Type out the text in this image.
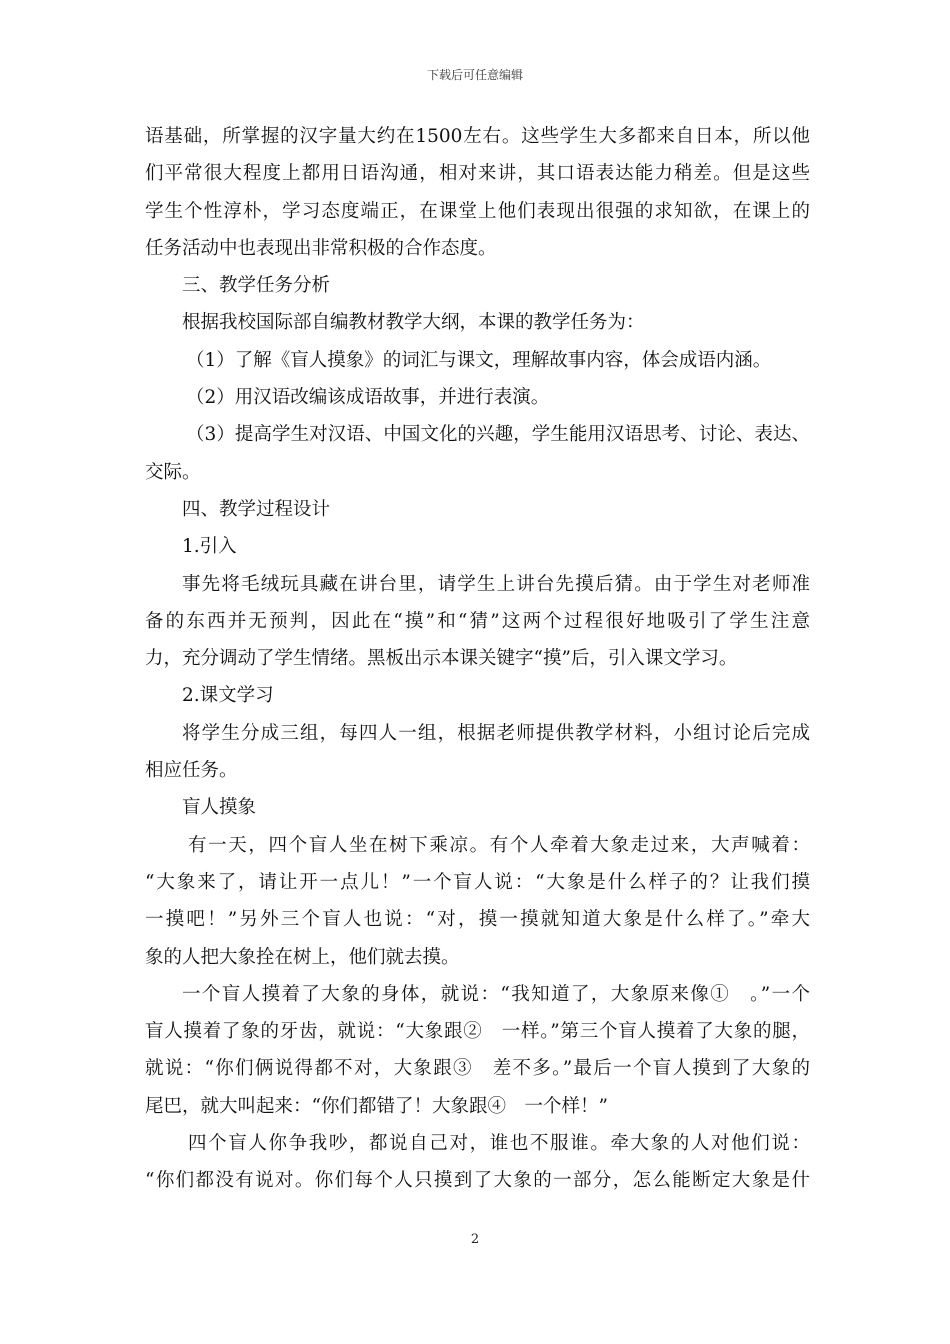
下载后可任意编辑
语基础，所掌握的汉字量大约在1500左右。这些学生大多都来自日本，所以他
们平常很大程度上都用日语沟通，相对来讲，其口语表达能力稍差。但是这些
学生个性淳朴，学习态度端正，在课堂上他们表现出很强的求知欲，在课上的
任务活动中也表现出非常积极的合作态度。
三、教学任务分析
根据我校国际部自编教材教学大纲，本课的教学任务为：
（1）了解《盲人摸象》的词汇与课文，理解故事内容，体会成语内涵。
（2）用汉语改编该成语故事，并进行表演。
（3）提高学生对汉语、中国文化的兴趣，学生能用汉语思考、讨论、表达、
交际。
四、教学过程设计
1.引入
事先将毛绒玩具藏在讲台里，请学生上讲台先摸后猜。由于学生对老师准
备的东西并无预判，因此在“摸”和“猜”这两个过程很好地吸引了学生注意
力，充分调动了学生情绪。黑板出示本课关键字“摸”后，引入课文学习。
2.课文学习
将学生分成三组，每四人一组，根据老师提供教学材料，小组讨论后完成
相应任务。
盲人摸象
有一天，四个盲人坐在树下乘凉。有个人牵着大象走过来，大声喊着：
“大象来了，请让开一点儿！”一个盲人说：“大象是什么样子的？让我们摸
一摸吧！”另外三个盲人也说：“对，摸一摸就知道大象是什么样了。”牵大
象的人把大象拴在树上，他们就去摸。
一个盲人摸着了大象的身体，就说：“我知道了，大象原来像①　。”一个
盲人摸着了象的牙齿，就说：“大象跟②　一样。”第三个盲人摸着了大象的腿，
就说：“你们俩说得都不对，大象跟③　差不多。”最后一个盲人摸到了大象的
尾巴，就大叫起来：“你们都错了！大象跟④　一个样！”
四个盲人你争我吵，都说自己对，谁也不服谁。牵大象的人对他们说：
“你们都没有说对。你们每个人只摸到了大象的一部分，怎么能断定大象是什
2
